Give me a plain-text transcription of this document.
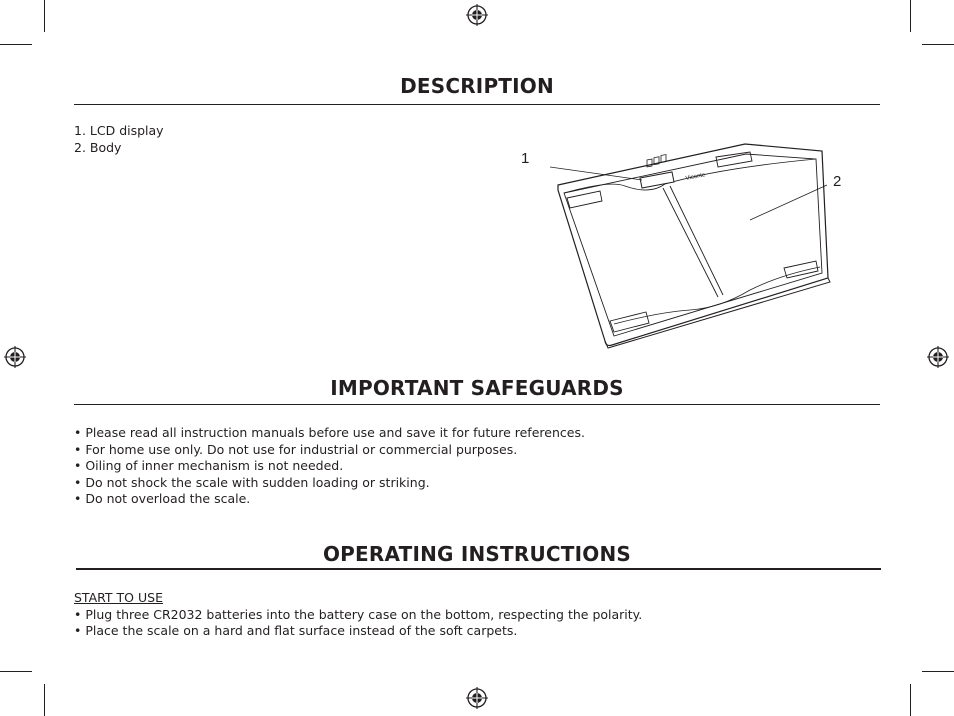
DESCRIPTION
1. LCD display
2. Body
Viconte
1
2
IMPORTANT SAFEGUARDS
• Please read all instruction manuals before use and save it for future references.
• For home use only. Do not use for industrial or commercial purposes.
• Oiling of inner mechanism is not needed.
• Do not shock the scale with sudden loading or striking.
• Do not overload the scale.
OPERATING INSTRUCTIONS
START TO USE
• Plug three CR2032 batteries into the battery case on the bottom, respecting the polarity.
• Place the scale on a hard and flat surface instead of the soft carpets.
